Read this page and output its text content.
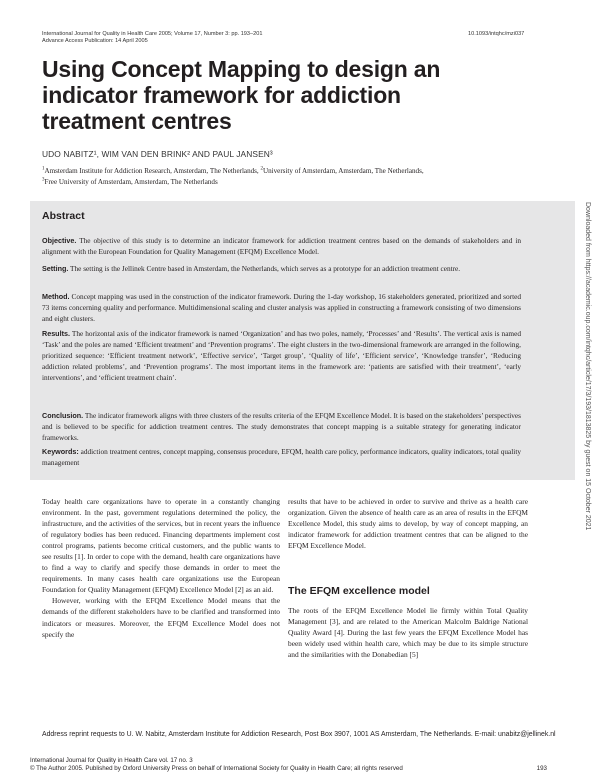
International Journal for Quality in Health Care 2005; Volume 17, Number 3: pp. 193–201
Advance Access Publication: 14 April 2005
10.1093/intqhc/mzi037
Using Concept Mapping to design an indicator framework for addiction treatment centres
UDO NABITZ¹, WIM VAN DEN BRINK² AND PAUL JANSEN³
$^1$Amsterdam Institute for Addiction Research, Amsterdam, The Netherlands, $^2$University of Amsterdam, Amsterdam, The Netherlands,
$^3$Free University of Amsterdam, Amsterdam, The Netherlands
Abstract
Objective. The objective of this study is to determine an indicator framework for addiction treatment centres based on the demands of stakeholders and in alignment with the European Foundation for Quality Management (EFQM) Excellence Model.
Setting. The setting is the Jellinek Centre based in Amsterdam, the Netherlands, which serves as a prototype for an addiction treatment centre.
Method. Concept mapping was used in the construction of the indicator framework. During the 1-day workshop, 16 stakeholders generated, prioritized and sorted 73 items concerning quality and performance. Multidimensional scaling and cluster analysis was applied in constructing a framework consisting of two dimensions and eight clusters.
Results. The horizontal axis of the indicator framework is named ‘Organization’ and has two poles, namely, ‘Processes’ and ‘Results’. The vertical axis is named ‘Task’ and the poles are named ‘Efficient treatment’ and ‘Prevention programs’. The eight clusters in the two-dimensional framework are arranged in the following, prioritized sequence: ‘Efficient treatment network’, ‘Effective service’, ‘Target group’, ‘Quality of life’, ‘Efficient service’, ‘Knowledge transfer’, ‘Reducing addiction related problems’, and ‘Prevention programs’. The most important items in the framework are: ‘patients are satisfied with their treatment’, ‘early interventions’, and ‘efficient treatment chain’.
Conclusion. The indicator framework aligns with three clusters of the results criteria of the EFQM Excellence Model. It is based on the stakeholders’ perspectives and is believed to be specific for addiction treatment centres. The study demonstrates that concept mapping is a suitable strategy for generating indicator frameworks.
Keywords: addiction treatment centres, concept mapping, consensus procedure, EFQM, health care policy, performance indicators, quality indicators, total quality management

Today health care organizations have to operate in a constantly changing environment. In the past, government regulations determined the policy, the infrastructure, and the activities of the services, but in recent years the influence of regulatory bodies has been reduced. Financing departments implement cost control programs, patients become critical customers, and the public wants to see results [1]. In order to cope with the demand, health care organizations have to find a way to clarify and specify those demands in order to meet the requirements. In many cases health care organizations use the European Foundation for Quality Management (EFQM) Excellence Model [2] as an aid.

However, working with the EFQM Excellence Model means that the demands of the different stakeholders have to be clarified and transformed into indicators or measures. Moreover, the EFQM Excellence Model does not specify the

results that have to be achieved in order to survive and thrive as a health care organization. Given the absence of health care as an area of results in the EFQM Excellence Model, this study aims to develop, by way of concept mapping, an indicator framework for addiction treatment centres that can be aligned to the EFQM Excellence Model.

The EFQM excellence model

The roots of the EFQM Excellence Model lie firmly within Total Quality Management [3], and are related to the American Malcolm Baldrige National Quality Award [4]. During the last few years the EFQM Excellence Model has been widely used within health care, which may be due to its simple structure and the similarities with the Donabedian [5]

Address reprint requests to U. W. Nabitz, Amsterdam Institute for Addiction Research, Post Box 3907, 1001 AS Amsterdam, The Netherlands. E-mail: unabitz@jellinek.nl
International Journal for Quality in Health Care vol. 17 no. 3
© The Author 2005. Published by Oxford University Press on behalf of International Society for Quality in Health Care; all rights reserved	193
Downloaded from https://academic.oup.com/intqhc/article/17/3/193/1813825 by guest on 15 October 2021
